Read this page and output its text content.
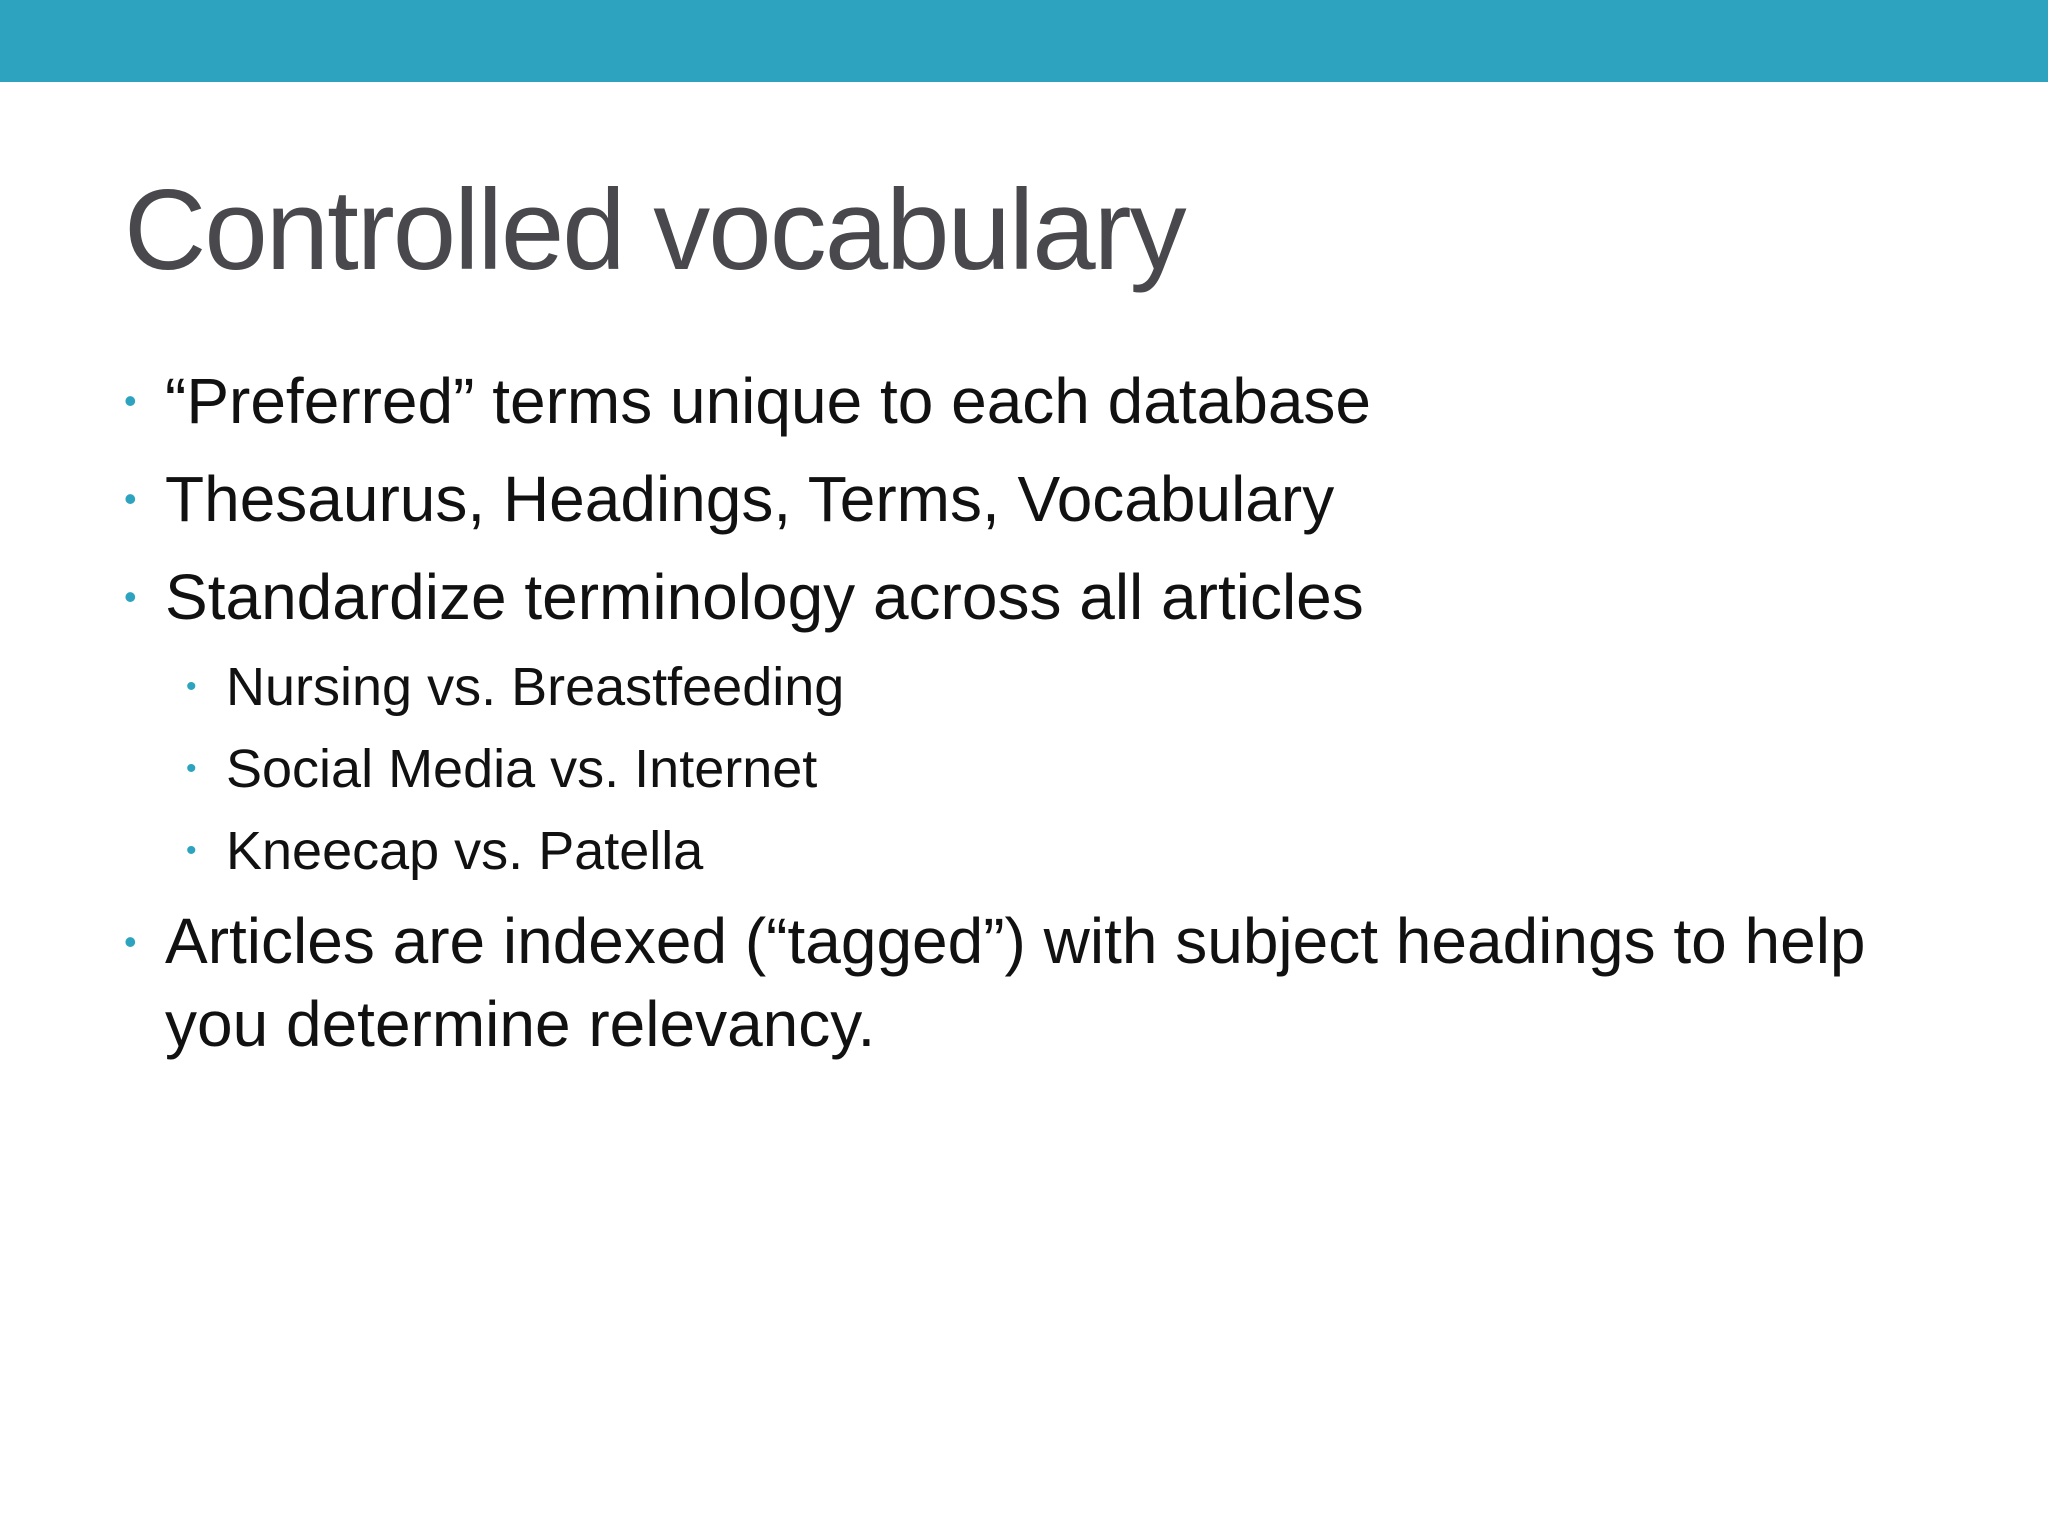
Controlled vocabulary
• “Preferred” terms unique to each database
• Thesaurus, Headings, Terms, Vocabulary
• Standardize terminology across all articles
• Nursing vs. Breastfeeding
• Social Media vs. Internet
• Kneecap vs. Patella
• Articles are indexed (“tagged”) with subject headings to help you determine relevancy.
